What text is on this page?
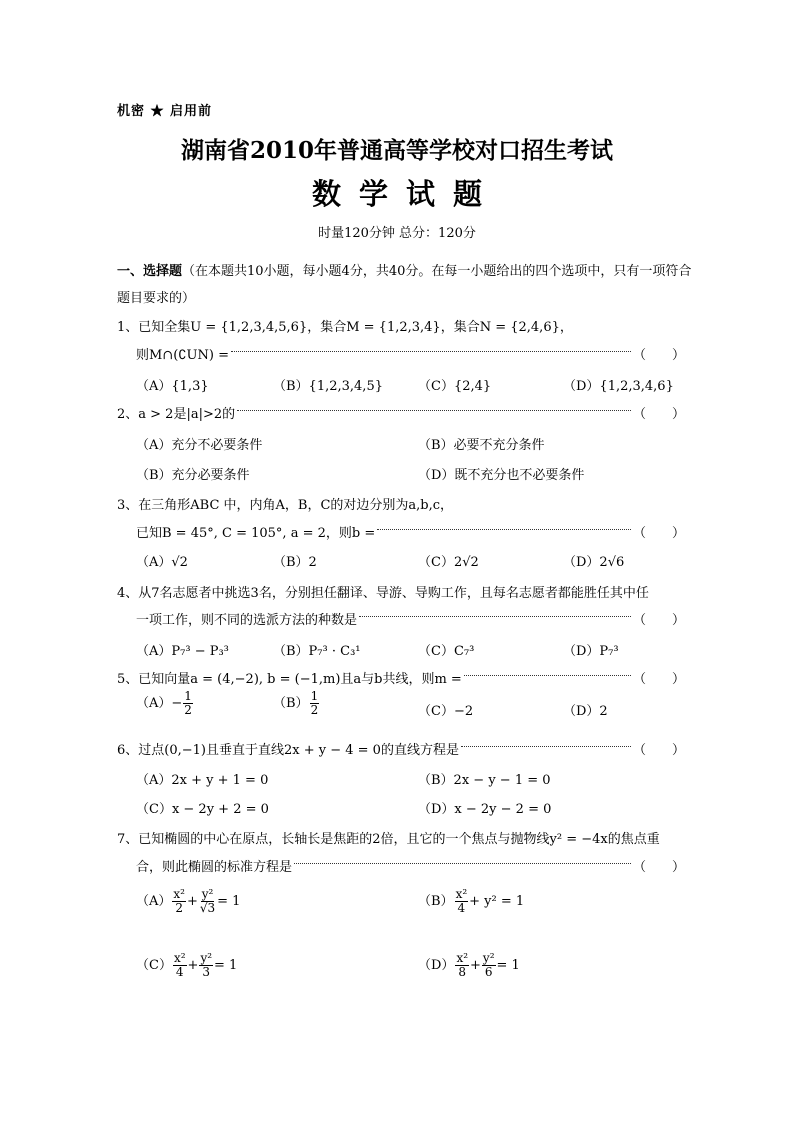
机密 ★ 启用前
湖南省2010年普通高等学校对口招生考试
数学试题
时量120分钟 总分：120分
一、选择题（在本题共10小题，每小题4分，共40分。在每一小题给出的四个选项中，只有一项符合题目要求的）
1、已知全集U = {1,2,3,4,5,6}，集合M = {1,2,3,4}，集合N = {2,4,6}，
则M∩(∁UN) =	（　　）
（A）{1,3}	（B）{1,2,3,4,5}	（C）{2,4}	（D）{1,2,3,4,6}
2、a > 2是|a|>2的	（　　）
（A）充分不必要条件	（B）必要不充分条件
（B）充分必要条件	（D）既不充分也不必要条件
3、在三角形ABC 中，内角A，B，C的对边分别为a,b,c，
已知B = 45°, C = 105°, a = 2，则b =	（　　）
（A）√2	（B）2	（C）2√2	（D）2√6
4、从7名志愿者中挑选3名，分别担任翻译、导游、导购工作，且每名志愿者都能胜任其中任
一项工作，则不同的选派方法的种数是	（　　）
（A）P₇³ − P₃³	（B）P₇³ · C₃¹	（C）C₇³	（D）P₇³
5、已知向量a = (4,−2), b = (−1,m)且a与b共线，则m =	（　　）
$(A)- \frac{1}{2}$	$(B) \frac{1}{2}$	（C）−2	（D）2
6、过点(0,−1)且垂直于直线2x + y − 4 = 0的直线方程是	（　　）
（A）2x + y + 1 = 0	（B）2x − y − 1 = 0
（C）x − 2y + 2 = 0	（D）x − 2y − 2 = 0
7、已知椭圆的中心在原点，长轴长是焦距的2倍，且它的一个焦点与抛物线y² = −4x的焦点重
合，则此椭圆的标准方程是	（　　）
$(A) \frac{\text{x²}}{2} + \frac{\text{y²}}{√3} = 1$	$(B) \frac{\text{x²}}{4} + y^2 = 1$
$(C) \frac{\text{x²}}{4} + \frac{\text{y²}}{3} = 1$	$(D) \frac{\text{x²}}{8} + \frac{\text{y²}}{6} = 1$
